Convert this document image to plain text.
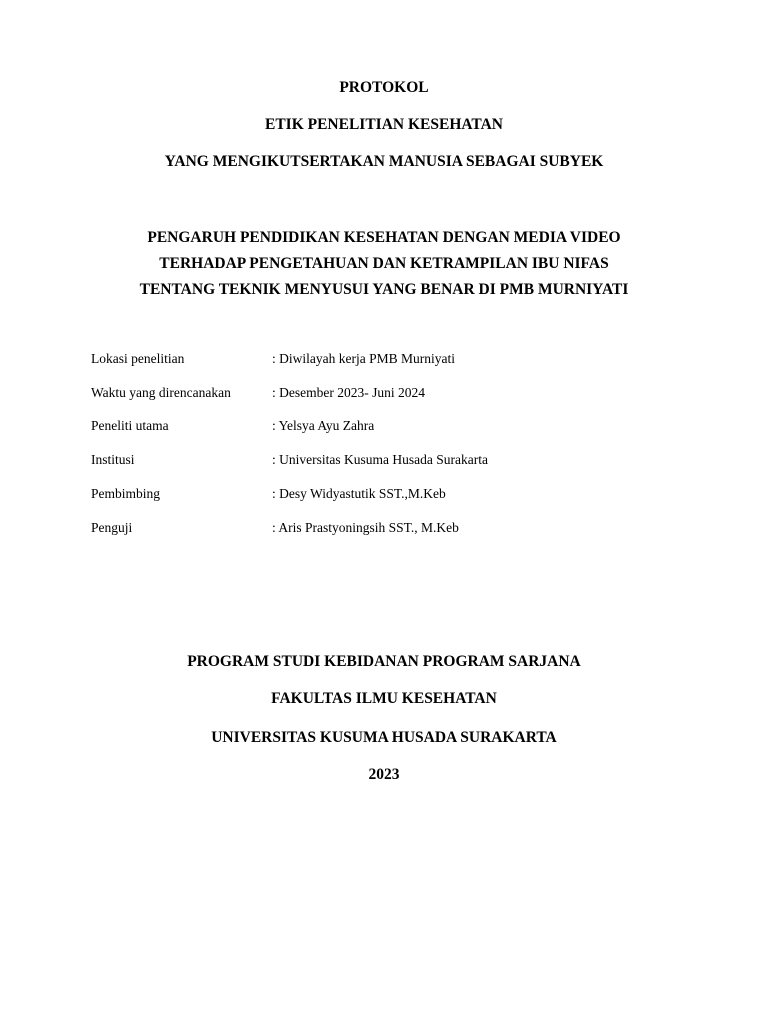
PROTOKOL
ETIK PENELITIAN KESEHATAN
YANG MENGIKUTSERTAKAN MANUSIA SEBAGAI SUBYEK
PENGARUH PENDIDIKAN KESEHATAN DENGAN MEDIA VIDEO
TERHADAP PENGETAHUAN DAN KETRAMPILAN IBU NIFAS
TENTANG TEKNIK MENYUSUI YANG BENAR DI PMB MURNIYATI
Lokasi penelitian	: Diwilayah kerja PMB Murniyati
Waktu yang direncanakan	: Desember 2023- Juni 2024
Peneliti utama	: Yelsya Ayu Zahra
Institusi	: Universitas Kusuma Husada Surakarta
Pembimbing	: Desy Widyastutik SST.,M.Keb
Penguji	: Aris Prastyoningsih SST., M.Keb
PROGRAM STUDI KEBIDANAN PROGRAM SARJANA
FAKULTAS ILMU KESEHATAN
UNIVERSITAS KUSUMA HUSADA SURAKARTA
2023
